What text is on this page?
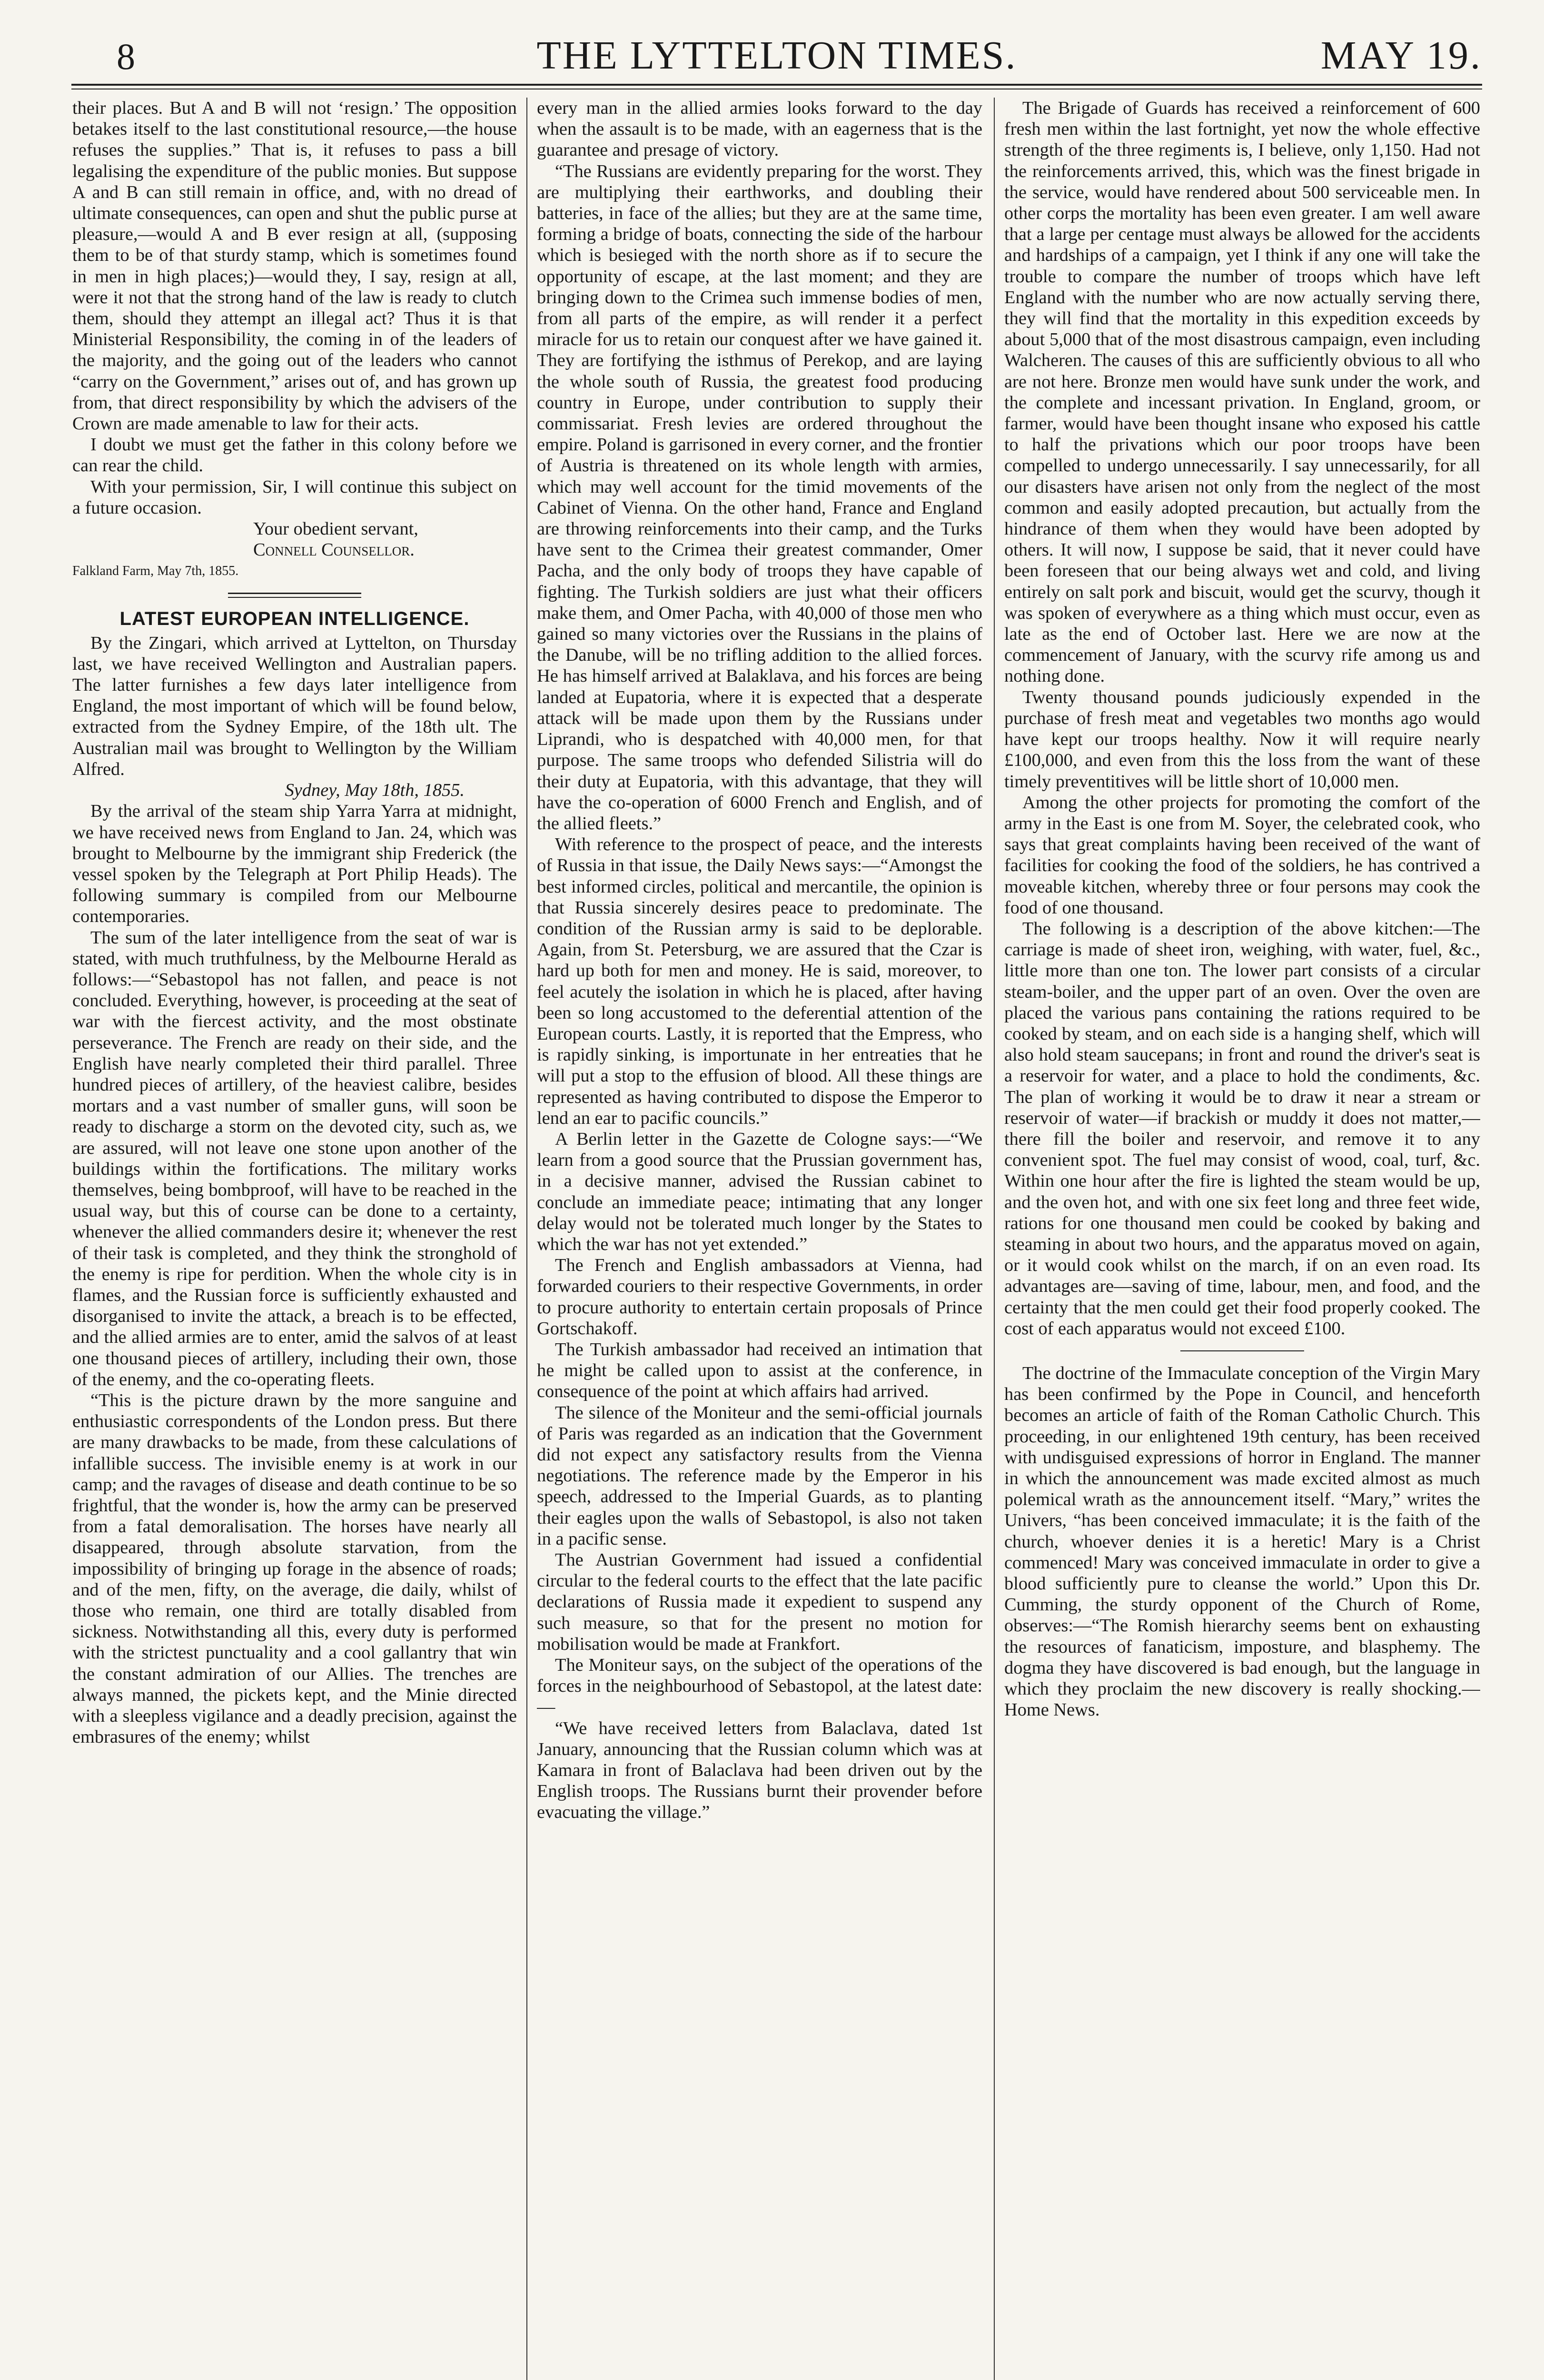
8	THE LYTTELTON TIMES.	MAY 19.

their places. But A and B will not ‘resign.’ The opposition betakes itself to the last constitutional resource,—the house refuses the supplies.” That is, it refuses to pass a bill legalising the expenditure of the public monies. But suppose A and B can still remain in office, and, with no dread of ultimate consequences, can open and shut the public purse at pleasure,—would A and B ever resign at all, (supposing them to be of that sturdy stamp, which is sometimes found in men in high places;)—would they, I say, resign at all, were it not that the strong hand of the law is ready to clutch them, should they attempt an illegal act? Thus it is that Ministerial Responsibility, the coming in of the leaders of the majority, and the going out of the leaders who cannot “carry on the Government,” arises out of, and has grown up from, that direct responsibility by which the advisers of the Crown are made amenable to law for their acts.

I doubt we must get the father in this colony before we can rear the child.

With your permission, Sir, I will continue this subject on a future occasion.

Your obedient servant,

Connell Counsellor.

Falkland Farm, May 7th, 1855.

LATEST EUROPEAN INTELLIGENCE.

By the Zingari, which arrived at Lyttelton, on Thursday last, we have received Wellington and Australian papers. The latter furnishes a few days later intelligence from England, the most important of which will be found below, extracted from the Sydney Empire, of the 18th ult. The Australian mail was brought to Wellington by the William Alfred.

Sydney, May 18th, 1855.

By the arrival of the steam ship Yarra Yarra at midnight, we have received news from England to Jan. 24, which was brought to Melbourne by the immigrant ship Frederick (the vessel spoken by the Telegraph at Port Philip Heads). The following summary is compiled from our Melbourne contemporaries.

The sum of the later intelligence from the seat of war is stated, with much truthfulness, by the Melbourne Herald as follows:—“Sebastopol has not fallen, and peace is not concluded. Everything, however, is proceeding at the seat of war with the fiercest activity, and the most obstinate perseverance. The French are ready on their side, and the English have nearly completed their third parallel. Three hundred pieces of artillery, of the heaviest calibre, besides mortars and a vast number of smaller guns, will soon be ready to discharge a storm on the devoted city, such as, we are assured, will not leave one stone upon another of the buildings within the fortifications. The military works themselves, being bombproof, will have to be reached in the usual way, but this of course can be done to a certainty, whenever the allied commanders desire it; whenever the rest of their task is completed, and they think the stronghold of the enemy is ripe for perdition. When the whole city is in flames, and the Russian force is sufficiently exhausted and disorganised to invite the attack, a breach is to be effected, and the allied armies are to enter, amid the salvos of at least one thousand pieces of artillery, including their own, those of the enemy, and the co-operating fleets.

“This is the picture drawn by the more sanguine and enthusiastic correspondents of the London press. But there are many drawbacks to be made, from these calculations of infallible success. The invisible enemy is at work in our camp; and the ravages of disease and death continue to be so frightful, that the wonder is, how the army can be preserved from a fatal demoralisation. The horses have nearly all disappeared, through absolute starvation, from the impossibility of bringing up forage in the absence of roads; and of the men, fifty, on the average, die daily, whilst of those who remain, one third are totally disabled from sickness. Notwithstanding all this, every duty is performed with the strictest punctuality and a cool gallantry that win the constant admiration of our Allies. The trenches are always manned, the pickets kept, and the Minie directed with a sleepless vigilance and a deadly precision, against the embrasures of the enemy; whilst

every man in the allied armies looks forward to the day when the assault is to be made, with an eagerness that is the guarantee and presage of victory.

“The Russians are evidently preparing for the worst. They are multiplying their earthworks, and doubling their batteries, in face of the allies; but they are at the same time, forming a bridge of boats, connecting the side of the harbour which is besieged with the north shore as if to secure the opportunity of escape, at the last moment; and they are bringing down to the Crimea such immense bodies of men, from all parts of the empire, as will render it a perfect miracle for us to retain our conquest after we have gained it. They are fortifying the isthmus of Perekop, and are laying the whole south of Russia, the greatest food producing country in Europe, under contribution to supply their commissariat. Fresh levies are ordered throughout the empire. Poland is garrisoned in every corner, and the frontier of Austria is threatened on its whole length with armies, which may well account for the timid movements of the Cabinet of Vienna. On the other hand, France and England are throwing reinforcements into their camp, and the Turks have sent to the Crimea their greatest commander, Omer Pacha, and the only body of troops they have capable of fighting. The Turkish soldiers are just what their officers make them, and Omer Pacha, with 40,000 of those men who gained so many victories over the Russians in the plains of the Danube, will be no trifling addition to the allied forces. He has himself arrived at Balaklava, and his forces are being landed at Eupatoria, where it is expected that a desperate attack will be made upon them by the Russians under Liprandi, who is despatched with 40,000 men, for that purpose. The same troops who defended Silistria will do their duty at Eupatoria, with this advantage, that they will have the co-operation of 6000 French and English, and of the allied fleets.”

With reference to the prospect of peace, and the interests of Russia in that issue, the Daily News says:—“Amongst the best informed circles, political and mercantile, the opinion is that Russia sincerely desires peace to predominate. The condition of the Russian army is said to be deplorable. Again, from St. Petersburg, we are assured that the Czar is hard up both for men and money. He is said, moreover, to feel acutely the isolation in which he is placed, after having been so long accustomed to the deferential attention of the European courts. Lastly, it is reported that the Empress, who is rapidly sinking, is importunate in her entreaties that he will put a stop to the effusion of blood. All these things are represented as having contributed to dispose the Emperor to lend an ear to pacific councils.”

A Berlin letter in the Gazette de Cologne says:—“We learn from a good source that the Prussian government has, in a decisive manner, advised the Russian cabinet to conclude an immediate peace; intimating that any longer delay would not be tolerated much longer by the States to which the war has not yet extended.”

The French and English ambassadors at Vienna, had forwarded couriers to their respective Governments, in order to procure authority to entertain certain proposals of Prince Gortschakoff.

The Turkish ambassador had received an intimation that he might be called upon to assist at the conference, in consequence of the point at which affairs had arrived.

The silence of the Moniteur and the semi-official journals of Paris was regarded as an indication that the Government did not expect any satisfactory results from the Vienna negotiations. The reference made by the Emperor in his speech, addressed to the Imperial Guards, as to planting their eagles upon the walls of Sebastopol, is also not taken in a pacific sense.

The Austrian Government had issued a confidential circular to the federal courts to the effect that the late pacific declarations of Russia made it expedient to suspend any such measure, so that for the present no motion for mobilisation would be made at Frankfort.

The Moniteur says, on the subject of the operations of the forces in the neighbourhood of Sebastopol, at the latest date:—

“We have received letters from Balaclava, dated 1st January, announcing that the Russian column which was at Kamara in front of Balaclava had been driven out by the English troops. The Russians burnt their provender before evacuating the village.”

The Brigade of Guards has received a reinforcement of 600 fresh men within the last fortnight, yet now the whole effective strength of the three regiments is, I believe, only 1,150. Had not the reinforcements arrived, this, which was the finest brigade in the service, would have rendered about 500 serviceable men. In other corps the mortality has been even greater. I am well aware that a large per centage must always be allowed for the accidents and hardships of a campaign, yet I think if any one will take the trouble to compare the number of troops which have left England with the number who are now actually serving there, they will find that the mortality in this expedition exceeds by about 5,000 that of the most disastrous campaign, even including Walcheren. The causes of this are sufficiently obvious to all who are not here. Bronze men would have sunk under the work, and the complete and incessant privation. In England, groom, or farmer, would have been thought insane who exposed his cattle to half the privations which our poor troops have been compelled to undergo unnecessarily. I say unnecessarily, for all our disasters have arisen not only from the neglect of the most common and easily adopted precaution, but actually from the hindrance of them when they would have been adopted by others. It will now, I suppose be said, that it never could have been foreseen that our being always wet and cold, and living entirely on salt pork and biscuit, would get the scurvy, though it was spoken of everywhere as a thing which must occur, even as late as the end of October last. Here we are now at the commencement of January, with the scurvy rife among us and nothing done.

Twenty thousand pounds judiciously expended in the purchase of fresh meat and vegetables two months ago would have kept our troops healthy. Now it will require nearly £100,000, and even from this the loss from the want of these timely preventitives will be little short of 10,000 men.

Among the other projects for promoting the comfort of the army in the East is one from M. Soyer, the celebrated cook, who says that great complaints having been received of the want of facilities for cooking the food of the soldiers, he has contrived a moveable kitchen, whereby three or four persons may cook the food of one thousand.

The following is a description of the above kitchen:—The carriage is made of sheet iron, weighing, with water, fuel, &c., little more than one ton. The lower part consists of a circular steam-boiler, and the upper part of an oven. Over the oven are placed the various pans containing the rations required to be cooked by steam, and on each side is a hanging shelf, which will also hold steam saucepans; in front and round the driver's seat is a reservoir for water, and a place to hold the condiments, &c. The plan of working it would be to draw it near a stream or reservoir of water—if brackish or muddy it does not matter,— there fill the boiler and reservoir, and remove it to any convenient spot. The fuel may consist of wood, coal, turf, &c. Within one hour after the fire is lighted the steam would be up, and the oven hot, and with one six feet long and three feet wide, rations for one thousand men could be cooked by baking and steaming in about two hours, and the apparatus moved on again, or it would cook whilst on the march, if on an even road. Its advantages are—saving of time, labour, men, and food, and the certainty that the men could get their food properly cooked. The cost of each apparatus would not exceed £100.

The doctrine of the Immaculate conception of the Virgin Mary has been confirmed by the Pope in Council, and henceforth becomes an article of faith of the Roman Catholic Church. This proceeding, in our enlightened 19th century, has been received with undisguised expressions of horror in England. The manner in which the announcement was made excited almost as much polemical wrath as the announcement itself. “Mary,” writes the Univers, “has been conceived immaculate; it is the faith of the church, whoever denies it is a heretic! Mary is a Christ commenced! Mary was conceived immaculate in order to give a blood sufficiently pure to cleanse the world.” Upon this Dr. Cumming, the sturdy opponent of the Church of Rome, observes:—“The Romish hierarchy seems bent on exhausting the resources of fanaticism, imposture, and blasphemy. The dogma they have discovered is bad enough, but the language in which they proclaim the new discovery is really shocking.—Home News.
